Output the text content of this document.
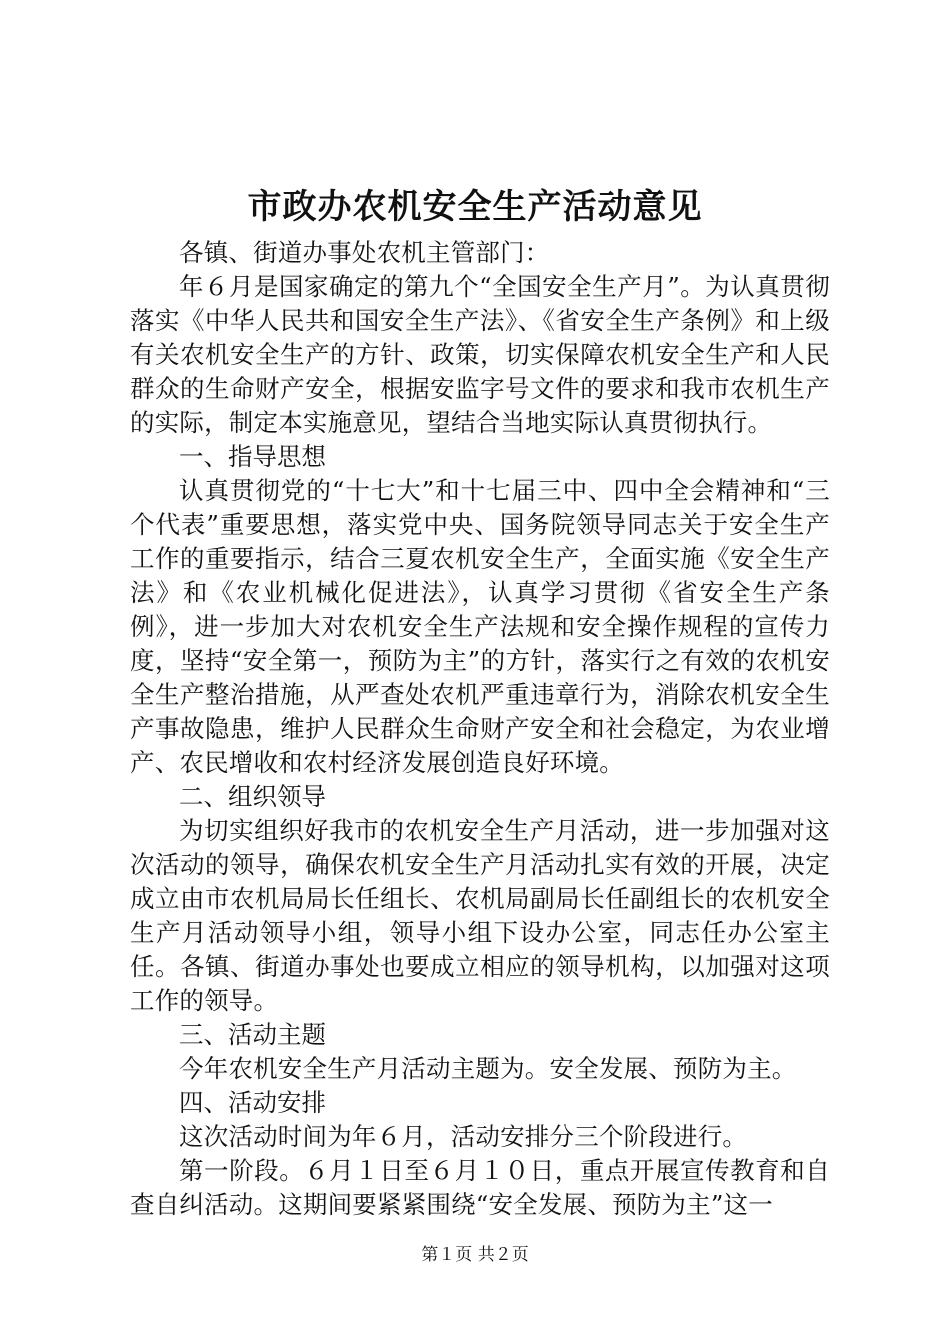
市政办农机安全生产活动意见

各镇、街道办事处农机主管部门：

年６月是国家确定的第九个“全国安全生产月”。为认真贯彻落实《中华人民共和国安全生产法》、《省安全生产条例》和上级有关农机安全生产的方针、政策，切实保障农机安全生产和人民群众的生命财产安全，根据安监字号文件的要求和我市农机生产的实际，制定本实施意见，望结合当地实际认真贯彻执行。

一、指导思想

认真贯彻党的“十七大”和十七届三中、四中全会精神和“三个代表”重要思想，落实党中央、国务院领导同志关于安全生产工作的重要指示，结合三夏农机安全生产，全面实施《安全生产法》和《农业机械化促进法》，认真学习贯彻《省安全生产条例》，进一步加大对农机安全生产法规和安全操作规程的宣传力度，坚持“安全第一，预防为主”的方针，落实行之有效的农机安全生产整治措施，从严查处农机严重违章行为，消除农机安全生产事故隐患，维护人民群众生命财产安全和社会稳定，为农业增产、农民增收和农村经济发展创造良好环境。

二、组织领导

为切实组织好我市的农机安全生产月活动，进一步加强对这次活动的领导，确保农机安全生产月活动扎实有效的开展，决定成立由市农机局局长任组长、农机局副局长任副组长的农机安全生产月活动领导小组，领导小组下设办公室，同志任办公室主任。各镇、街道办事处也要成立相应的领导机构，以加强对这项工作的领导。

三、活动主题

今年农机安全生产月活动主题为。安全发展、预防为主。

四、活动安排

这次活动时间为年６月，活动安排分三个阶段进行。

第一阶段。６月１日至６月１０日，重点开展宣传教育和自查自纠活动。这期间要紧紧围绕“安全发展、预防为主”这一

第１页 共２页
